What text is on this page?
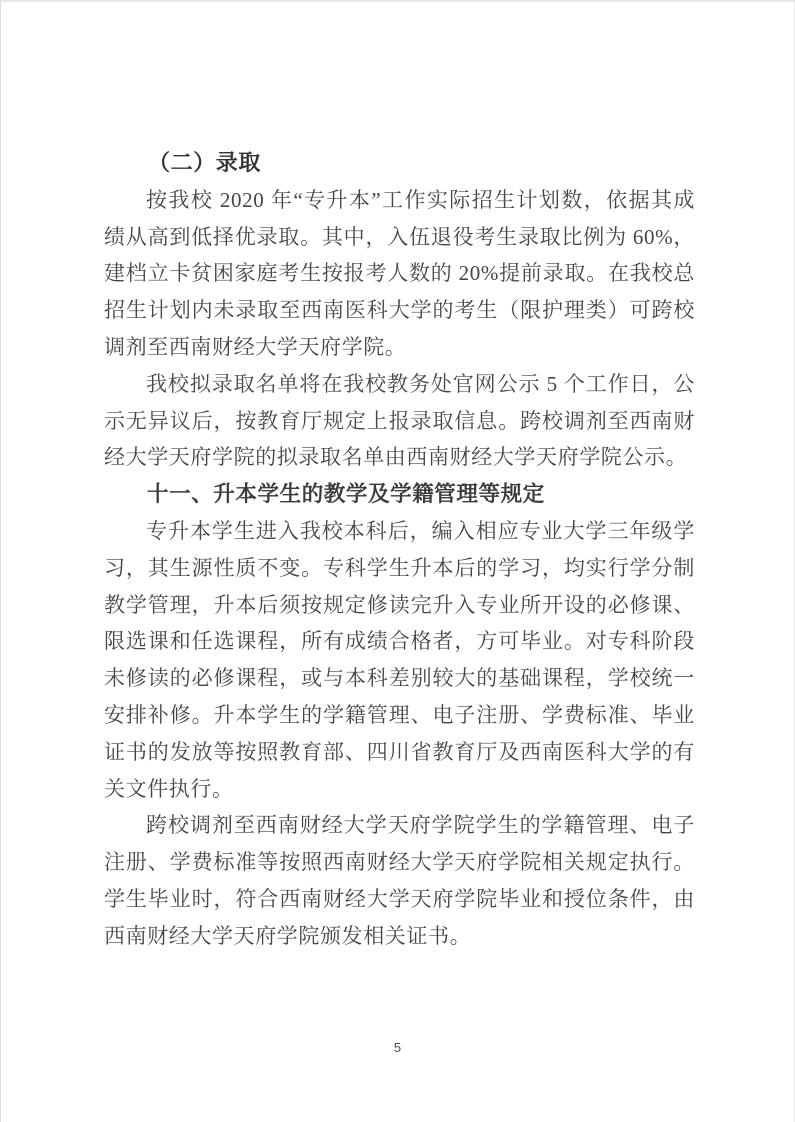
（二）录取

按我校 2020 年“专升本”工作实际招生计划数，依据其成绩从高到低择优录取。其中，入伍退役考生录取比例为 60%，建档立卡贫困家庭考生按报考人数的 20%提前录取。在我校总招生计划内未录取至西南医科大学的考生（限护理类）可跨校调剂至西南财经大学天府学院。

我校拟录取名单将在我校教务处官网公示 5 个工作日，公示无异议后，按教育厅规定上报录取信息。跨校调剂至西南财经大学天府学院的拟录取名单由西南财经大学天府学院公示。

十一、升本学生的教学及学籍管理等规定

专升本学生进入我校本科后，编入相应专业大学三年级学习，其生源性质不变。专科学生升本后的学习，均实行学分制教学管理，升本后须按规定修读完升入专业所开设的必修课、限选课和任选课程，所有成绩合格者，方可毕业。对专科阶段未修读的必修课程，或与本科差别较大的基础课程，学校统一安排补修。升本学生的学籍管理、电子注册、学费标准、毕业证书的发放等按照教育部、四川省教育厅及西南医科大学的有关文件执行。

跨校调剂至西南财经大学天府学院学生的学籍管理、电子注册、学费标准等按照西南财经大学天府学院相关规定执行。学生毕业时，符合西南财经大学天府学院毕业和授位条件，由西南财经大学天府学院颁发相关证书。

5
